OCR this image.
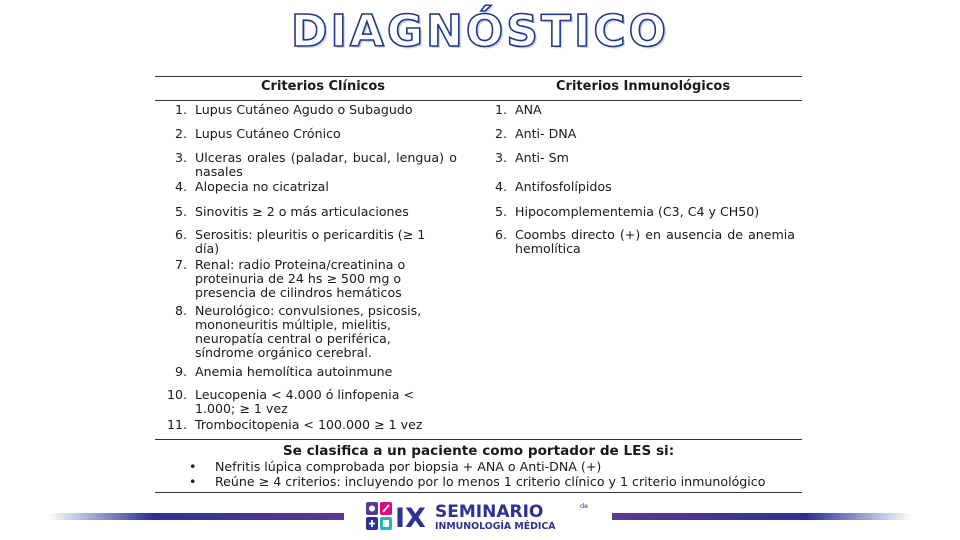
DIAGNÓSTICO
Criterios Clínicos	Criterios Inmunológicos
1. Lupus Cutáneo Agudo o Subagudo
2. Lupus Cutáneo Crónico
3. Ulceras orales (paladar, bucal, lengua) o nasales
4. Alopecia no cicatrizal
5. Sinovitis ≥ 2 o más articulaciones
6. Serositis: pleuritis o pericarditis (≥ 1 día)
7. Renal: radio Proteina/creatinina o proteinuria de 24 hs ≥ 500 mg o presencia de cilindros hemáticos
8. Neurológico: convulsiones, psicosis, mononeuritis múltiple, mielitis, neuropatía central o periférica, síndrome orgánico cerebral.
9. Anemia hemolítica autoinmune
10. Leucopenia < 4.000 ó linfopenia < 1.000; ≥ 1 vez
11. Trombocitopenia < 100.000 ≥ 1 vez
1. ANA
2. Anti- DNA
3. Anti- Sm
4. Antifosfolípidos
5. Hipocomplementemia (C3, C4 y CH50)
6. Coombs directo (+) en ausencia de anemia hemolítica
Se clasifica a un paciente como portador de LES si:
• Nefritis lúpica comprobada por biopsia + ANA o Anti-DNA (+)
• Reúne ≥ 4 criterios: incluyendo por lo menos 1 criterio clínico y 1 criterio inmunológico
IX SEMINARIO	de
INMUNOLOGÍA MÉDICA
